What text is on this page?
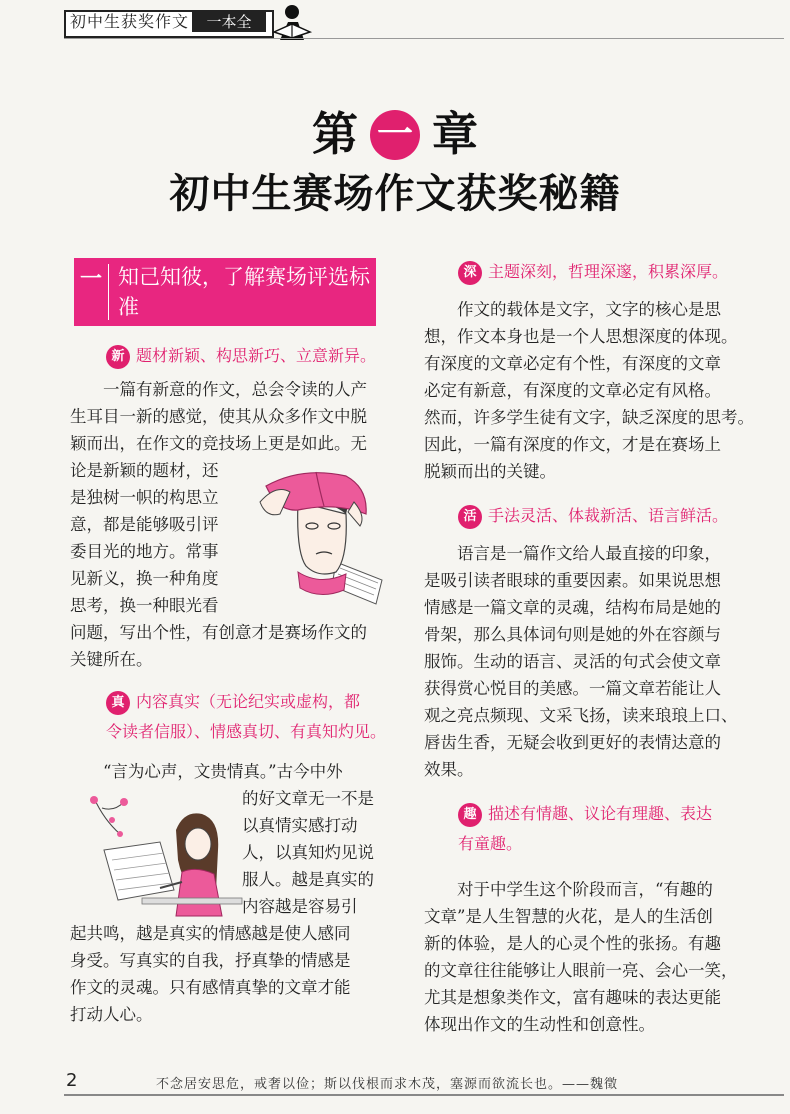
初中生获奖作文	一本全
第 一 章
初中生赛场作文获奖秘籍
一 知己知彼，了解赛场评选标准
新 题材新颖、构思新巧、立意新异。

一篇有新意的作文，总会令读的人产

生耳目一新的感觉，使其从众多作文中脱

颖而出，在作文的竞技场上更是如此。无

论是新颖的题材，还

是独树一帜的构思立

意，都是能够吸引评

委目光的地方。常事

见新义，换一种角度

思考，换一种眼光看

问题，写出个性，有创意才是赛场作文的

关键所在。

真 内容真实（无论纪实或虚构，都
令读者信服）、情感真切、有真知灼见。

“言为心声，文贵情真。”古今中外

的好文章无一不是

以真情实感打动

人，以真知灼见说

服人。越是真实的

内容越是容易引

起共鸣，越是真实的情感越是使人感同

身受。写真实的自我，抒真挚的情感是

作文的灵魂。只有感情真挚的文章才能

打动人心。

深 主题深刻，哲理深邃，积累深厚。

作文的载体是文字，文字的核心是思

想，作文本身也是一个人思想深度的体现。

有深度的文章必定有个性，有深度的文章

必定有新意，有深度的文章必定有风格。

然而，许多学生徒有文字，缺乏深度的思考。

因此，一篇有深度的作文，才是在赛场上

脱颖而出的关键。

活 手法灵活、体裁新活、语言鲜活。

语言是一篇作文给人最直接的印象，

是吸引读者眼球的重要因素。如果说思想

情感是一篇文章的灵魂，结构布局是她的

骨架，那么具体词句则是她的外在容颜与

服饰。生动的语言、灵活的句式会使文章

获得赏心悦目的美感。一篇文章若能让人

观之亮点频现、文采飞扬，读来琅琅上口、

唇齿生香，无疑会收到更好的表情达意的

效果。

趣 描述有情趣、议论有理趣、表达
有童趣。

对于中学生这个阶段而言，“有趣的

文章”是人生智慧的火花，是人的生活创

新的体验，是人的心灵个性的张扬。有趣

的文章往往能够让人眼前一亮、会心一笑，

尤其是想象类作文，富有趣味的表达更能

体现出作文的生动性和创意性。

2	不念居安思危，戒奢以俭；斯以伐根而求木茂，塞源而欲流长也。——魏徵
